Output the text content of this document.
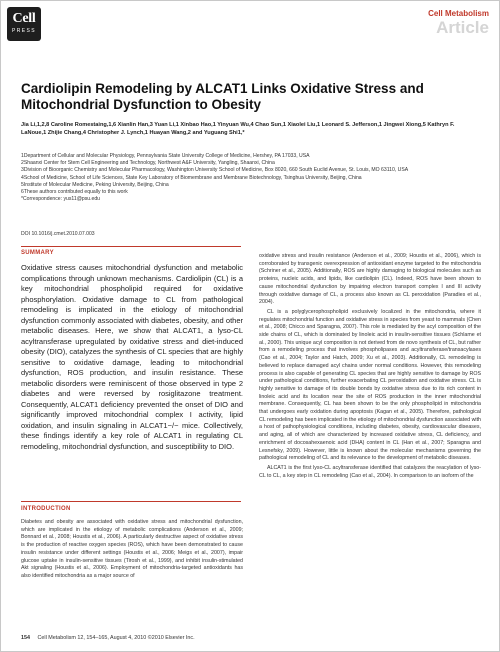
Cell
PRESS
Cell Metabolism
Article
Cardiolipin Remodeling by ALCAT1 Links Oxidative Stress and Mitochondrial Dysfunction to Obesity
Jia Li,1,2,8 Caroline Romestaing,1,6 Xianlin Han,3 Yuan Li,1 Xinbao Hao,1 Yinyuan Wu,4 Chao Sun,1 Xiaolei Liu,1 Leonard S. Jefferson,1 Jingwei Xiong,5 Kathryn F. LaNoue,1 Zhijie Chang,4 Christopher J. Lynch,1 Huayan Wang,2 and Yuguang Shi1,*
1Department of Cellular and Molecular Physiology, Pennsylvania State University College of Medicine, Hershey, PA 17033, USA
2Shaanxi Center for Stem Cell Engineering and Technology, Northwest A&F University, Yangling, Shaanxi, China
3Division of Bioorganic Chemistry and Molecular Pharmacology, Washington University School of Medicine, Box 8020, 660 South Euclid Avenue, St. Louis, MO 63110, USA
4School of Medicine, School of Life Sciences, State Key Laboratory of Biomembrane and Membrane Biotechnology, Tsinghua University, Beijing, China
5Institute of Molecular Medicine, Peking University, Beijing, China
6These authors contributed equally to this work
*Correspondence: yus11@psu.edu
DOI 10.1016/j.cmet.2010.07.003
SUMMARY

Oxidative stress causes mitochondrial dysfunction and metabolic complications through unknown mechanisms. Cardiolipin (CL) is a key mitochondrial phospholipid required for oxidative phosphorylation. Oxidative damage to CL from pathological remodeling is implicated in the etiology of mitochondrial dysfunction commonly associated with diabetes, obesity, and other metabolic diseases. Here, we show that ALCAT1, a lyso-CL acyltransferase upregulated by oxidative stress and diet-induced obesity (DIO), catalyzes the synthesis of CL species that are highly sensitive to oxidative damage, leading to mitochondrial dysfunction, ROS production, and insulin resistance. These metabolic disorders were reminiscent of those observed in type 2 diabetes and were reversed by rosiglitazone treatment. Consequently, ALCAT1 deficiency prevented the onset of DIO and significantly improved mitochondrial complex I activity, lipid oxidation, and insulin signaling in ALCAT1−/− mice. Collectively, these findings identify a key role of ALCAT1 in regulating CL remodeling, mitochondrial dysfunction, and susceptibility to DIO.

INTRODUCTION

Diabetes and obesity are associated with oxidative stress and mitochondrial dysfunction, which are implicated in the etiology of metabolic complications (Anderson et al., 2009; Bonnard et al., 2008; Houstis et al., 2006). A particularly destructive aspect of oxidative stress is the production of reactive oxygen species (ROS), which have been demonstrated to cause insulin resistance under different settings (Houstis et al., 2006; Meigs et al., 2007), impair glucose uptake in insulin-sensitive tissues (Tirosh et al., 1999), and inhibit insulin-stimulated Akt signaling (Houstis et al., 2006). Employment of mitochondria-targeted antioxidants has also identified mitochondria as a major source of

oxidative stress and insulin resistance (Anderson et al., 2009; Houstis et al., 2006), which is corroborated by transgenic overexpression of antioxidant enzyme targeted to the mitochondria (Schriner et al., 2005). Additionally, ROS are highly damaging to biological molecules such as proteins, nucleic acids, and lipids, like cardiolipin (CL). Indeed, ROS have been shown to cause mitochondrial dysfunction by impairing electron transport complex I and III activity through oxidative damage of CL, a process also known as CL peroxidation (Paradies et al., 2004).

CL is a polyglycerophospholipid exclusively localized in the mitochondria, where it regulates mitochondrial function and oxidative stress in species from yeast to mammals (Chen et al., 2008; Chicco and Sparagna, 2007). This role is mediated by the acyl composition of the side chains of CL, which is dominated by linoleic acid in insulin-sensitive tissues (Schlame et al., 2000). This unique acyl composition is not derived from de novo synthesis of CL, but rather from a remodeling process that involves phospholipases and acyltransferase/transacylases (Cao et al., 2004; Taylor and Hatch, 2009; Xu et al., 2003). Additionally, CL remodeling is believed to replace damaged acyl chains under normal conditions. However, this remodeling process is also capable of generating CL species that are highly sensitive to damage by ROS under pathological conditions, further exacerbating CL peroxidation and oxidative stress. CL is highly sensitive to damage of its double bonds by oxidative stress due to its rich content in linoleic acid and its location near the site of ROS production in the inner mitochondrial membrane. Consequently, CL has been shown to be the only phospholipid in mitochondria that undergoes early oxidation during apoptosis (Kagan et al., 2005). Therefore, pathological CL remodeling has been implicated in the etiology of mitochondrial dysfunction associated with a host of pathophysiological conditions, including diabetes, obesity, cardiovascular diseases, and aging, all of which are characterized by increased oxidative stress, CL deficiency, and enrichment of docosahexaenoic acid (DHA) content in CL (Han et al., 2007; Sparagna and Lesnefsky, 2009). However, little is known about the molecular mechanisms governing the pathological remodeling of CL and its relevance to the development of metabolic diseases.

ALCAT1 is the first lyso-CL acyltransferase identified that catalyzes the reacylation of lyso-CL to CL, a key step in CL remodeling (Cao et al., 2004). In comparison to an isoform of the

154 Cell Metabolism 12, 154–165, August 4, 2010 ©2010 Elsevier Inc.
